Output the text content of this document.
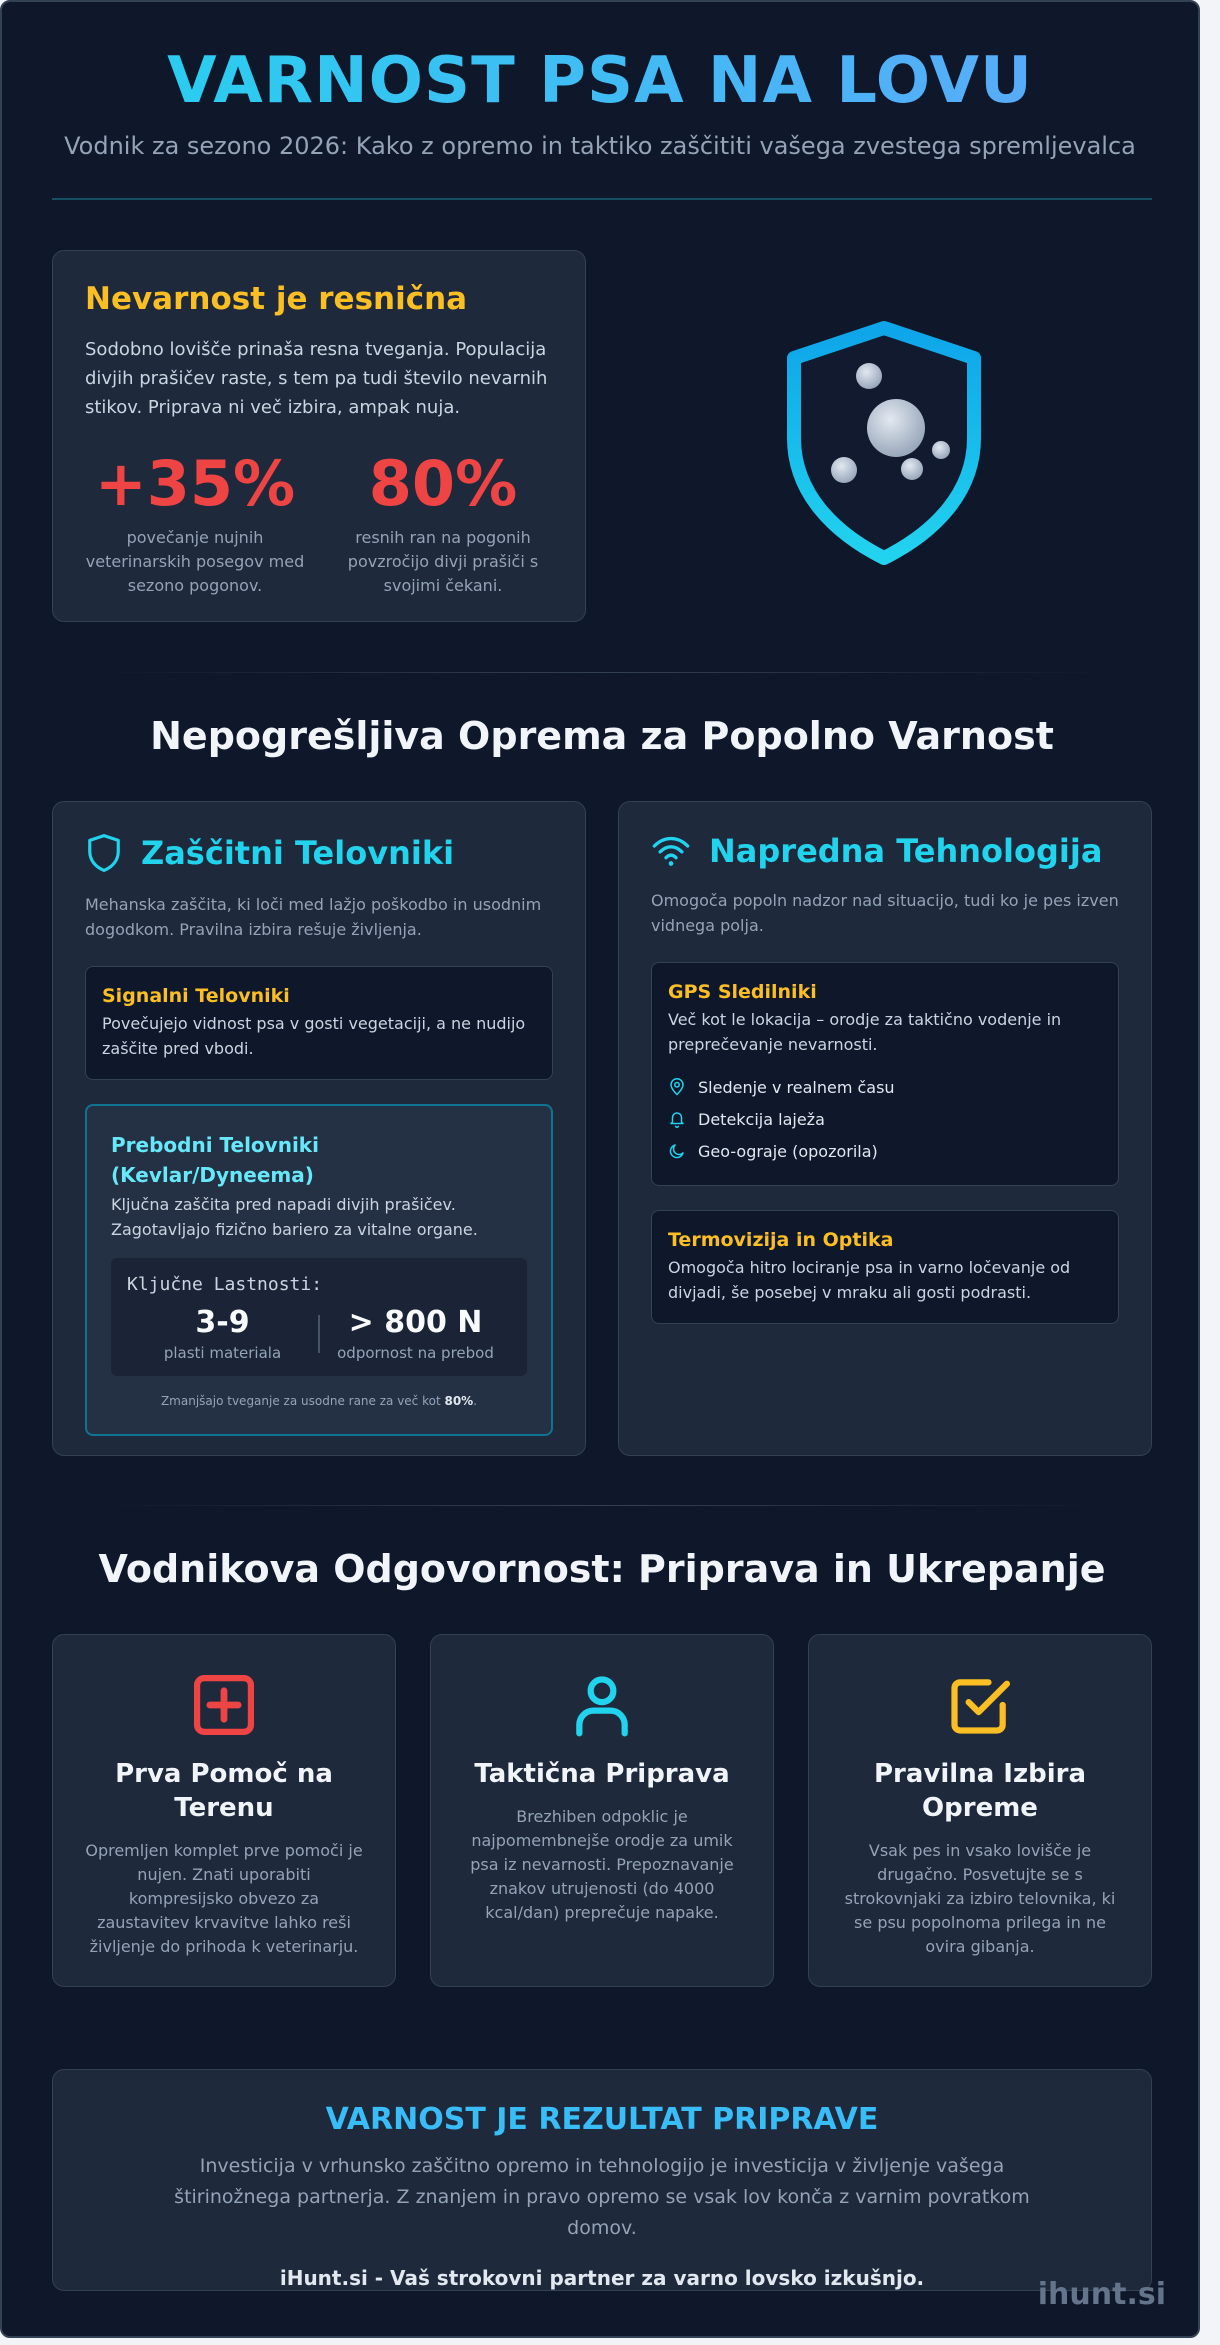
VARNOST PSA NA LOVU

Vodnik za sezono 2026: Kako z opremo in taktiko zaščititi vašega zvestega spremljevalca

Nevarnost je resnična

Sodobno lovišče prinaša resna tveganja. Populacija divjih prašičev raste, s tem pa tudi število nevarnih stikov. Priprava ni več izbira, ampak nuja.

+35%
povečanje nujnih veterinarskih posegov med sezono pogonov.
80%
resnih ran na pogonih povzročijo divji prašiči s svojimi čekani.
Nepogrešljiva Oprema za Popolno Varnost
Zaščitni Telovniki

Mehanska zaščita, ki loči med lažjo poškodbo in usodnim dogodkom. Pravilna izbira rešuje življenja.

Signalni Telovniki
Povečujejo vidnost psa v gosti vegetaciji, a ne nudijo zaščite pred vbodi.
Prebodni Telovniki (Kevlar/Dyneema)
Ključna zaščita pred napadi divjih prašičev. Zagotavljajo fizično bariero za vitalne organe.
Ključne Lastnosti:
3-9
plasti materiala
> 800 N
odpornost na prebod
Zmanjšajo tveganje za usodne rane za več kot 80%.
Napredna Tehnologija

Omogoča popoln nadzor nad situacijo, tudi ko je pes izven vidnega polja.

GPS Sledilniki
Več kot le lokacija – orodje za taktično vodenje in preprečevanje nevarnosti.
Sledenje v realnem času
Detekcija laježa
Geo-ograje (opozorila)
Termovizija in Optika
Omogoča hitro lociranje psa in varno ločevanje od divjadi, še posebej v mraku ali gosti podrasti.
Vodnikova Odgovornost: Priprava in Ukrepanje
Prva Pomoč na Terenu

Opremljen komplet prve pomoči je nujen. Znati uporabiti kompresijsko obvezo za zaustavitev krvavitve lahko reši življenje do prihoda k veterinarju.

Taktična Priprava

Brezhiben odpoklic je najpomembnejše orodje za umik psa iz nevarnosti. Prepoznavanje znakov utrujenosti (do 4000 kcal/dan) preprečuje napake.

Pravilna Izbira Opreme

Vsak pes in vsako lovišče je drugačno. Posvetujte se s strokovnjaki za izbiro telovnika, ki se psu popolnoma prilega in ne ovira gibanja.

VARNOST JE REZULTAT PRIPRAVE

Investicija v vrhunsko zaščitno opremo in tehnologijo je investicija v življenje vašega štirinožnega partnerja. Z znanjem in pravo opremo se vsak lov konča z varnim povratkom domov.

iHunt.si - Vaš strokovni partner za varno lovsko izkušnjo.	ihunt.si
